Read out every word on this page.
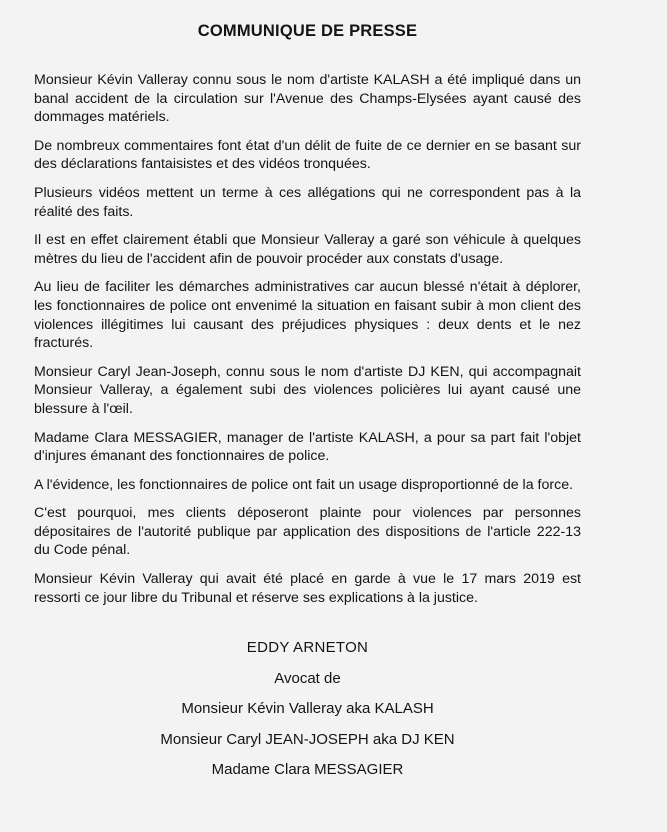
COMMUNIQUE DE PRESSE

Monsieur Kévin Valleray connu sous le nom d'artiste KALASH a été impliqué dans un banal accident de la circulation sur l'Avenue des Champs-Elysées ayant causé des dommages matériels.

De nombreux commentaires font état d'un délit de fuite de ce dernier en se basant sur des déclarations fantaisistes et des vidéos tronquées.

Plusieurs vidéos mettent un terme à ces allégations qui ne correspondent pas à la réalité des faits.

Il est en effet clairement établi que Monsieur Valleray a garé son véhicule à quelques mètres du lieu de l'accident afin de pouvoir procéder aux constats d'usage.

Au lieu de faciliter les démarches administratives car aucun blessé n'était à déplorer, les fonctionnaires de police ont envenimé la situation en faisant subir à mon client des violences illégitimes lui causant des préjudices physiques : deux dents et le nez fracturés.

Monsieur Caryl Jean-Joseph, connu sous le nom d'artiste DJ KEN, qui accompagnait Monsieur Valleray, a également subi des violences policières lui ayant causé une blessure à l'œil.

Madame Clara MESSAGIER, manager de l'artiste KALASH, a pour sa part fait l'objet d'injures émanant des fonctionnaires de police.

A l'évidence, les fonctionnaires de police ont fait un usage disproportionné de la force.

C'est pourquoi, mes clients déposeront plainte pour violences par personnes dépositaires de l'autorité publique par application des dispositions de l'article 222-13 du Code pénal.

Monsieur Kévin Valleray qui avait été placé en garde à vue le 17 mars 2019 est ressorti ce jour libre du Tribunal et réserve ses explications à la justice.

EDDY ARNETON

Avocat de

Monsieur Kévin Valleray aka KALASH

Monsieur Caryl JEAN-JOSEPH aka DJ KEN

Madame Clara MESSAGIER
